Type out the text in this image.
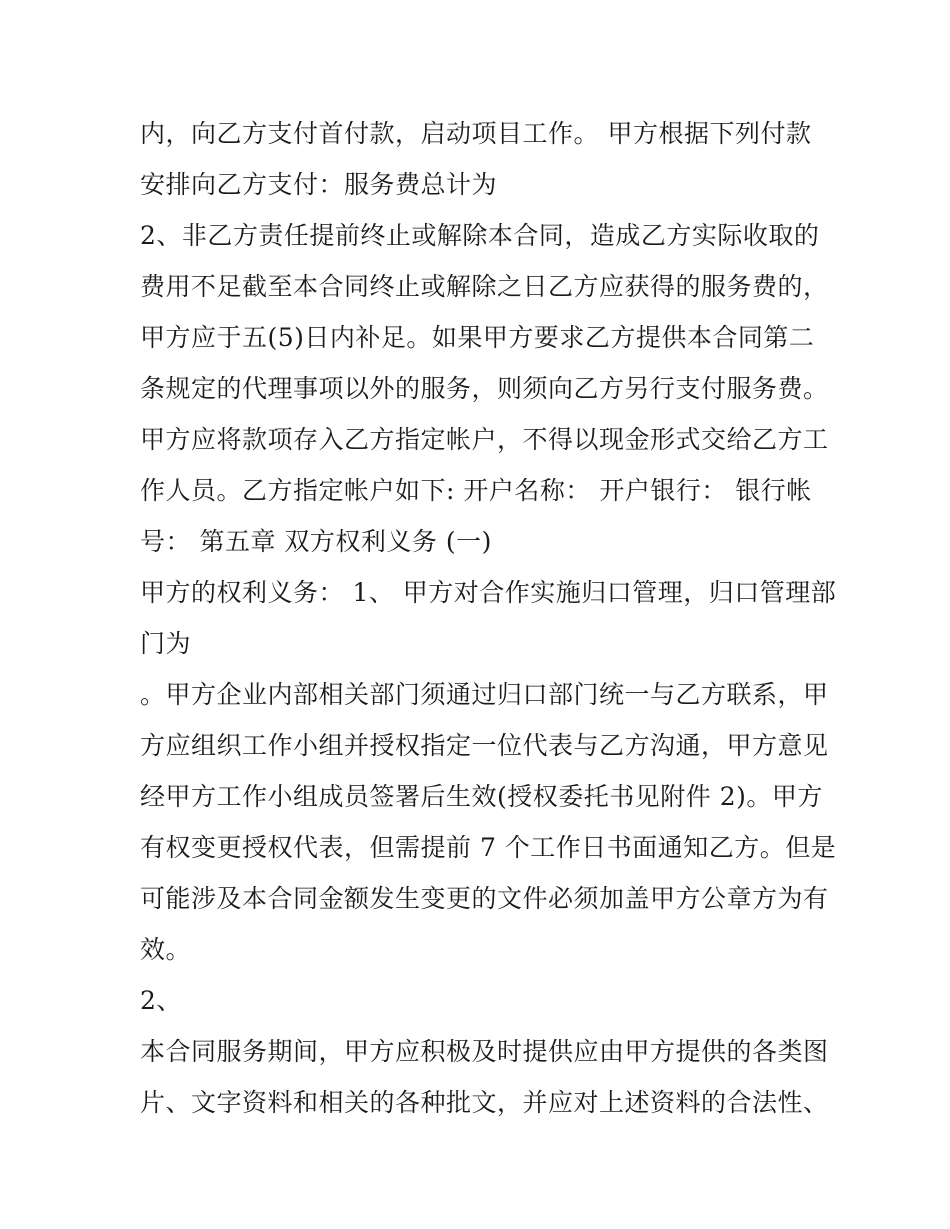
内，向乙方支付首付款，启动项目工作。 甲方根据下列付款
安排向乙方支付：服务费总计为
2、非乙方责任提前终止或解除本合同，造成乙方实际收取的
费用不足截至本合同终止或解除之日乙方应获得的服务费的，
甲方应于五(5)日内补足。如果甲方要求乙方提供本合同第二
条规定的代理事项以外的服务，则须向乙方另行支付服务费。
甲方应将款项存入乙方指定帐户，不得以现金形式交给乙方工
作人员。乙方指定帐户如下: 开户名称： 开户银行： 银行帐
号： 第五章 双方权利义务 (一)
甲方的权利义务： 1、 甲方对合作实施归口管理，归口管理部
门为
。甲方企业内部相关部门须通过归口部门统一与乙方联系，甲
方应组织工作小组并授权指定一位代表与乙方沟通，甲方意见
经甲方工作小组成员签署后生效(授权委托书见附件 2)。甲方
有权变更授权代表，但需提前 7 个工作日书面通知乙方。但是
可能涉及本合同金额发生变更的文件必须加盖甲方公章方为有
效。
2、
本合同服务期间，甲方应积极及时提供应由甲方提供的各类图
片、文字资料和相关的各种批文，并应对上述资料的合法性、
